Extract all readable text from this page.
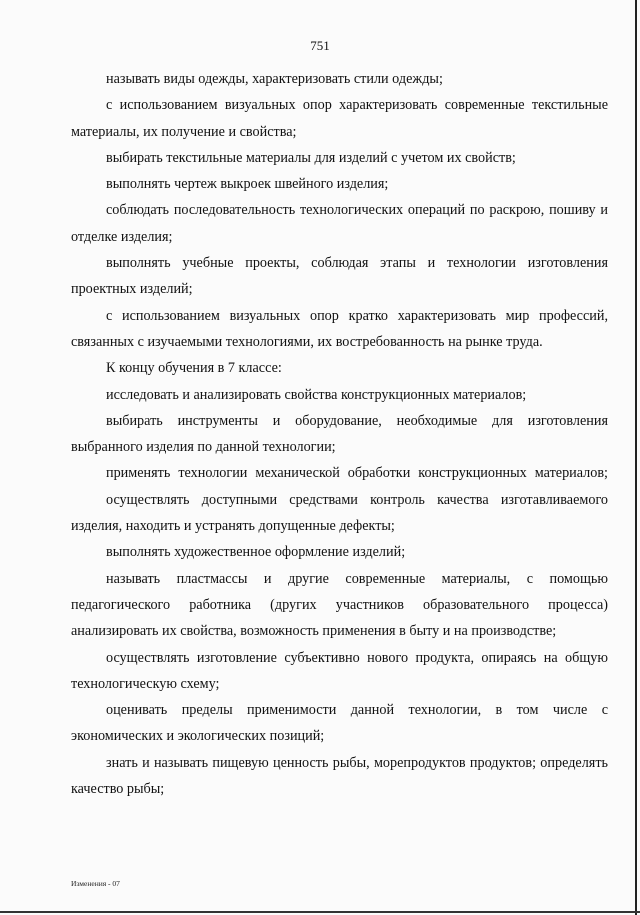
751

называть виды одежды, характеризовать стили одежды;

с использованием визуальных опор характеризовать современные текстильные материалы, их получение и свойства;

выбирать текстильные материалы для изделий с учетом их свойств;

выполнять чертеж выкроек швейного изделия;

соблюдать последовательность технологических операций по раскрою, пошиву и отделке изделия;

выполнять учебные проекты, соблюдая этапы и технологии изготовления проектных изделий;

с использованием визуальных опор кратко характеризовать мир профессий, связанных с изучаемыми технологиями, их востребованность на рынке труда.

К концу обучения в 7 классе:

исследовать и анализировать свойства конструкционных материалов;

выбирать инструменты и оборудование, необходимые для изготовления выбранного изделия по данной технологии;

применять технологии механической обработки конструкционных материалов;

осуществлять доступными средствами контроль качества изготавливаемого изделия, находить и устранять допущенные дефекты;

выполнять художественное оформление изделий;

называть пластмассы и другие современные материалы, с помощью педагогического работника (других участников образовательного процесса) анализировать их свойства, возможность применения в быту и на производстве;

осуществлять изготовление субъективно нового продукта, опираясь на общую технологическую схему;

оценивать пределы применимости данной технологии, в том числе с экономических и экологических позиций;

знать и называть пищевую ценность рыбы, морепродуктов продуктов; определять качество рыбы;

Изменения - 07
